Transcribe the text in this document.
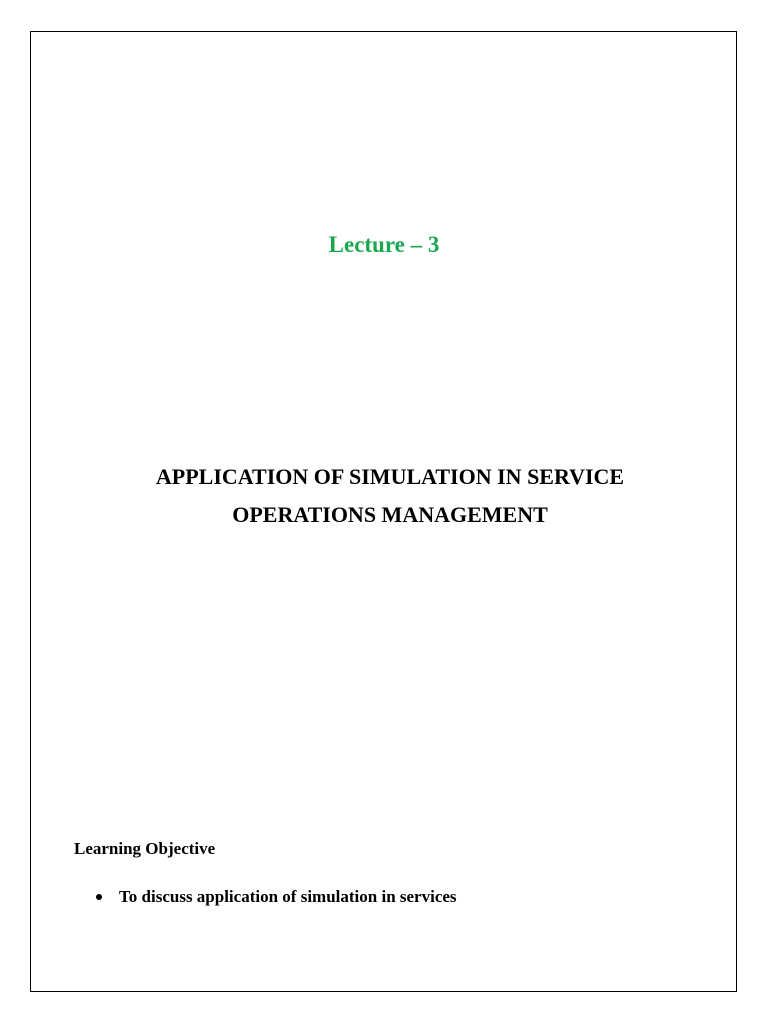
Lecture – 3
APPLICATION OF SIMULATION IN SERVICE
OPERATIONS MANAGEMENT
Learning Objective
To discuss application of simulation in services
